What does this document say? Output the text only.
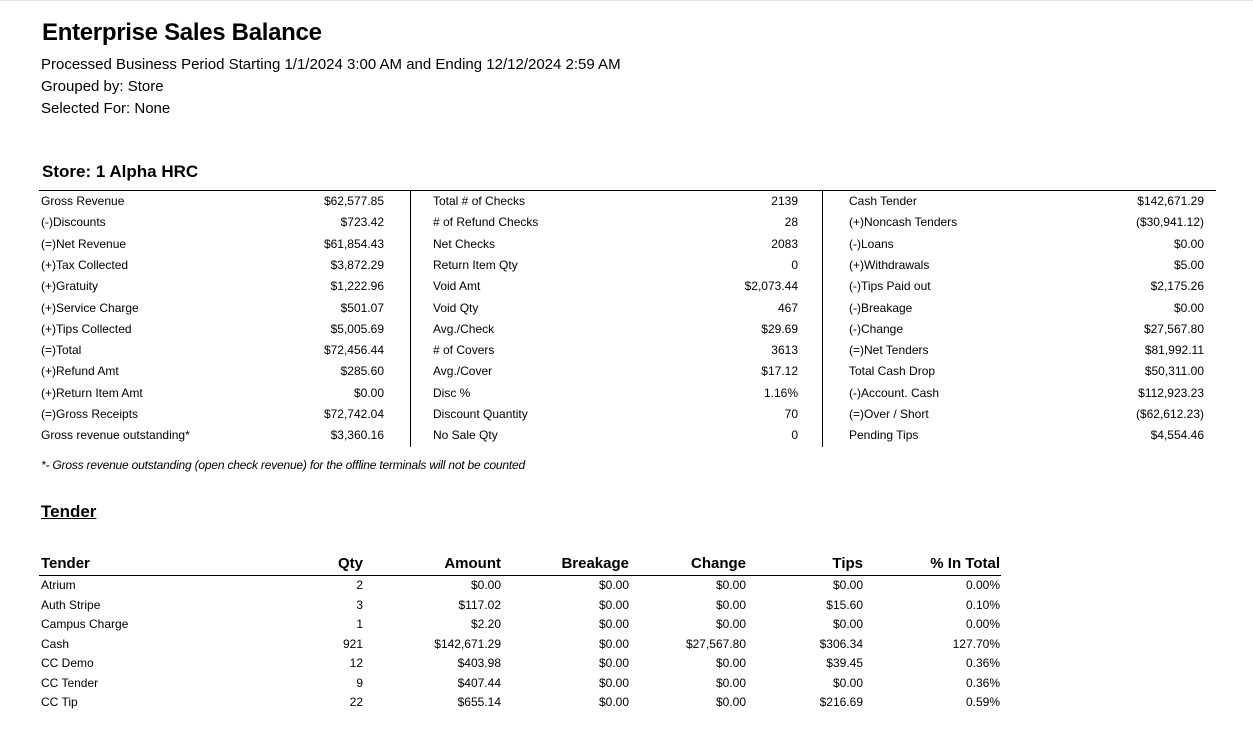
Enterprise Sales Balance
Processed Business Period Starting 1/1/2024 3:00 AM and Ending 12/12/2024 2:59 AM
Grouped by: Store
Selected For: None
Store: 1 Alpha HRC
Gross Revenue	$62,577.85
(-)Discounts	$723.42
(=)Net Revenue	$61,854.43
(+)Tax Collected	$3,872.29
(+)Gratuity	$1,222.96
(+)Service Charge	$501.07
(+)Tips Collected	$5,005.69
(=)Total	$72,456.44
(+)Refund Amt	$285.60
(+)Return Item Amt	$0.00
(=)Gross Receipts	$72,742.04
Gross revenue outstanding*	$3,360.16
Total # of Checks	2139
# of Refund Checks	28
Net Checks	2083
Return Item Qty	0
Void Amt	$2,073.44
Void Qty	467
Avg./Check	$29.69
# of Covers	3613
Avg./Cover	$17.12
Disc %	1.16%
Discount Quantity	70
No Sale Qty	0
Cash Tender	$142,671.29
(+)Noncash Tenders	($30,941.12)
(-)Loans	$0.00
(+)Withdrawals	$5.00
(-)Tips Paid out	$2,175.26
(-)Breakage	$0.00
(-)Change	$27,567.80
(=)Net Tenders	$81,992.11
Total Cash Drop	$50,311.00
(-)Account. Cash	$112,923.23
(=)Over / Short	($62,612.23)
Pending Tips	$4,554.46
*- Gross revenue outstanding (open check revenue) for the offline terminals will not be counted
Tender
Tender	Qty	Amount	Breakage	Change	Tips	% In Total
Atrium	2	$0.00	$0.00	$0.00	$0.00	0.00%
Auth Stripe	3	$117.02	$0.00	$0.00	$15.60	0.10%
Campus Charge	1	$2.20	$0.00	$0.00	$0.00	0.00%
Cash	921	$142,671.29	$0.00	$27,567.80	$306.34	127.70%
CC Demo	12	$403.98	$0.00	$0.00	$39.45	0.36%
CC Tender	9	$407.44	$0.00	$0.00	$0.00	0.36%
CC Tip	22	$655.14	$0.00	$0.00	$216.69	0.59%
